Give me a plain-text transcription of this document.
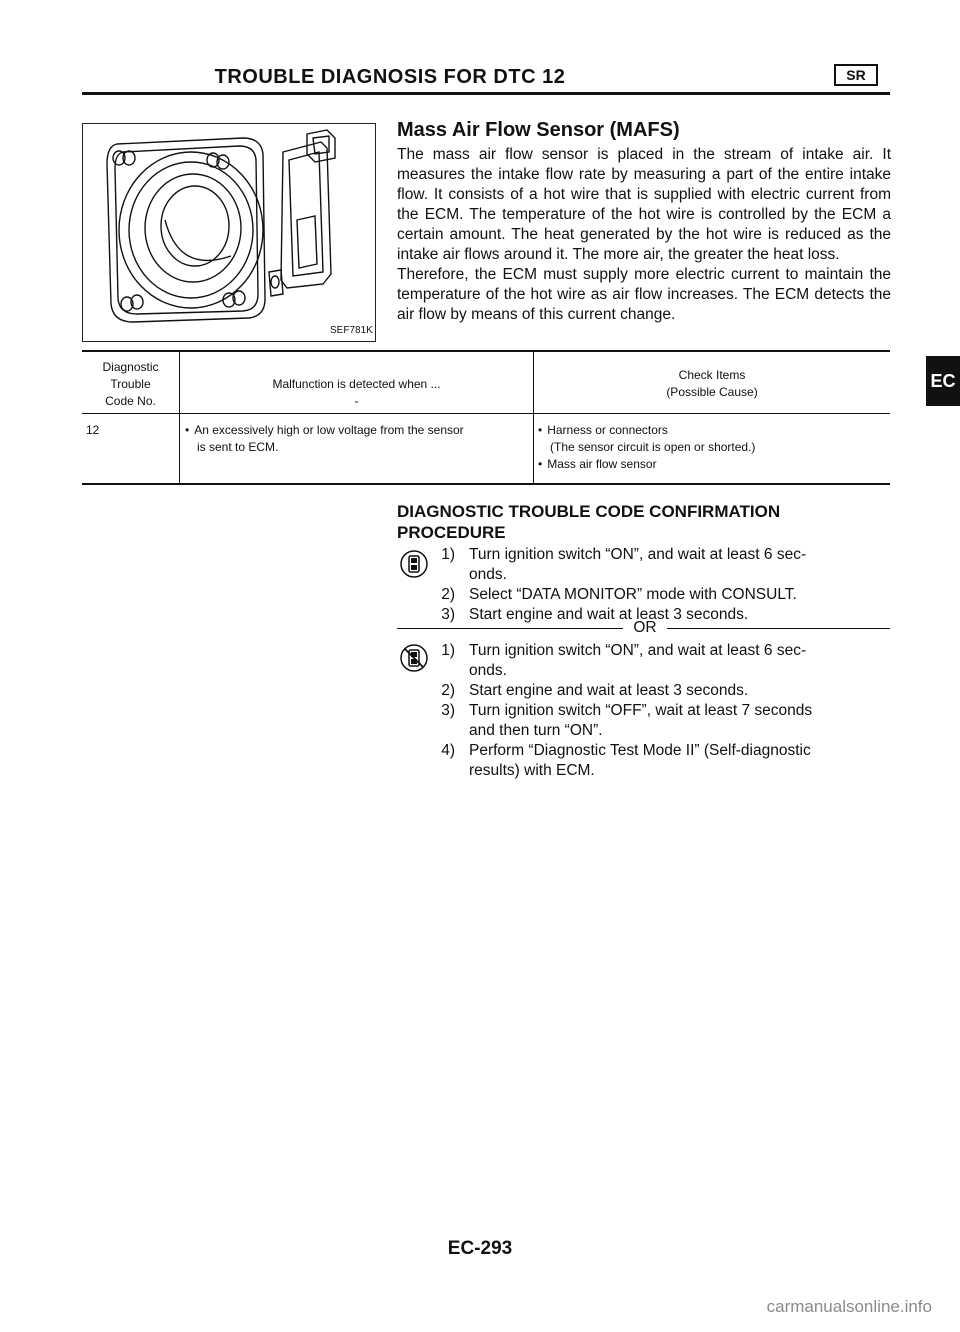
TROUBLE DIAGNOSIS FOR DTC 12	SR
SEF781K
Mass Air Flow Sensor (MAFS)

The mass air flow sensor is placed in the stream of intake air. It measures the intake flow rate by measuring a part of the entire intake flow. It consists of a hot wire that is supplied with electric current from the ECM. The temperature of the hot wire is controlled by the ECM a certain amount. The heat generated by the hot wire is reduced as the intake air flows around it. The more air, the greater the heat loss.

Therefore, the ECM must supply more electric current to maintain the temperature of the hot wire as air flow increases. The ECM detects the air flow by means of this current change.

EC
Diagnostic
Trouble
Code No.
Malfunction is detected when ...
-
Check Items
(Possible Cause)
12
•	An excessively high or low voltage from the sensor
is sent to ECM.
• Harness or connectors
(The sensor circuit is open or shorted.)
• Mass air flow sensor
DIAGNOSTIC TROUBLE CODE CONFIRMATION
PROCEDURE
1) Turn ignition switch “ON”, and wait at least 6 sec-
onds.
2) Select “DATA MONITOR” mode with CONSULT.
3) Start engine and wait at least 3 seconds.
OR
1) Turn ignition switch “ON”, and wait at least 6 sec-
onds.
2) Start engine and wait at least 3 seconds.
3) Turn ignition switch “OFF”, wait at least 7 seconds
and then turn “ON”.
4) Perform “Diagnostic Test Mode II” (Self-diagnostic
results) with ECM.
EC-293
carmanualsonline.info
